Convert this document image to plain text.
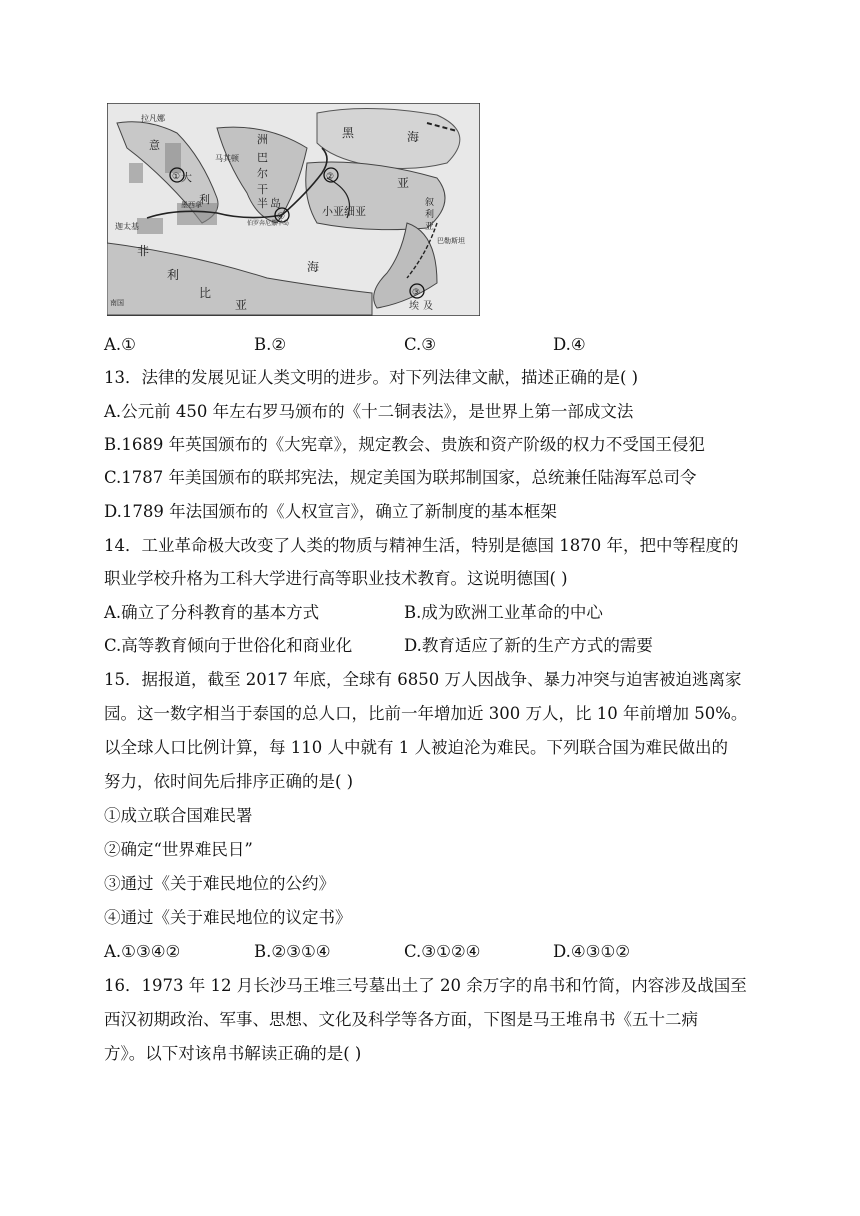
①	②
③
④
拉凡娜
意
大
利
马其顿
洲
巴
尔
干
半 岛
黑	海
亚
小亚细亚
叙
利
亚
巴勒斯坦
迦太基
墨西拿
非
利
比
亚	埃 及
海
伯罗奔尼撒半岛
南国
A.①	B.②	C.③	D.④
13．法律的发展见证人类文明的进步。对下列法律文献，描述正确的是( )
A.公元前 450 年左右罗马颁布的《十二铜表法》，是世界上第一部成文法
B.1689 年英国颁布的《大宪章》，规定教会、贵族和资产阶级的权力不受国王侵犯
C.1787 年美国颁布的联邦宪法，规定美国为联邦制国家，总统兼任陆海军总司令
D.1789 年法国颁布的《人权宣言》，确立了新制度的基本框架
14．工业革命极大改变了人类的物质与精神生活，特别是德国 1870 年，把中等程度的
职业学校升格为工科大学进行高等职业技术教育。这说明德国( )
A.确立了分科教育的基本方式	B.成为欧洲工业革命的中心
C.高等教育倾向于世俗化和商业化	D.教育适应了新的生产方式的需要
15．据报道，截至 2017 年底，全球有 6850 万人因战争、暴力冲突与迫害被迫逃离家
园。这一数字相当于泰国的总人口，比前一年增加近 300 万人，比 10 年前增加 50%。
以全球人口比例计算，每 110 人中就有 1 人被迫沦为难民。下列联合国为难民做出的
努力，依时间先后排序正确的是( )
①成立联合国难民署
②确定“世界难民日”
③通过《关于难民地位的公约》
④通过《关于难民地位的议定书》
A.①③④②	B.②③①④	C.③①②④	D.④③①②
16．1973 年 12 月长沙马王堆三号墓出土了 20 余万字的帛书和竹简，内容涉及战国至
西汉初期政治、军事、思想、文化及科学等各方面，下图是马王堆帛书《五十二病
方》。以下对该帛书解读正确的是( )
